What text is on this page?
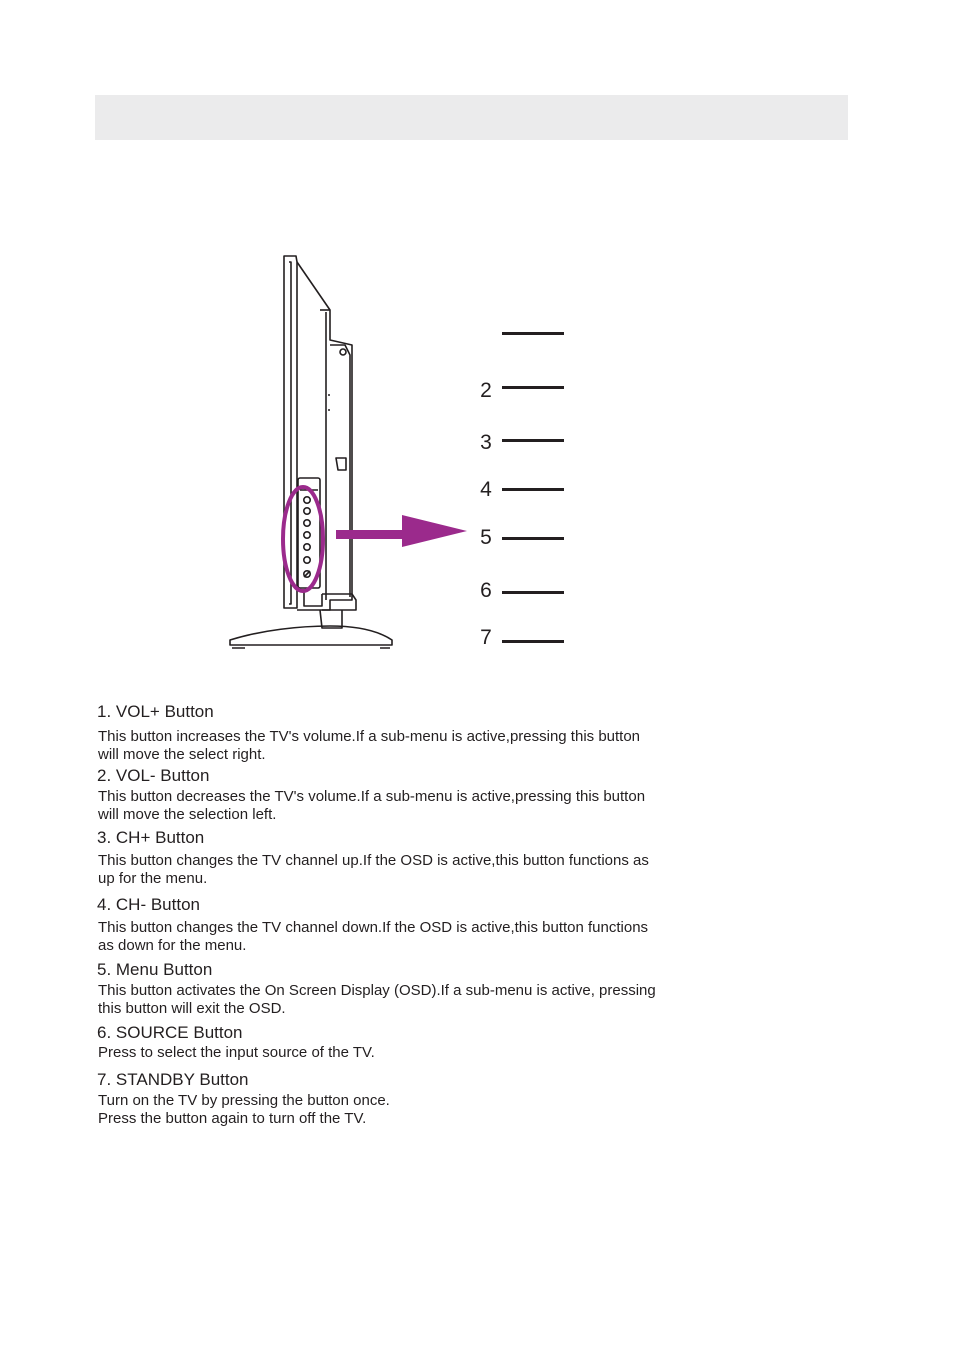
2
3
4
5
6
7
1. VOL+ Button
This button increases the TV's volume.If a sub-menu is active,pressing this button will move the select right.
2. VOL- Button
This button decreases the TV's volume.If a sub-menu is active,pressing this button will move the selection left.
3. CH+ Button
This button changes the TV channel up.If the OSD is active,this button functions as up for the menu.
4. CH- Button
This button changes the TV channel down.If the OSD is active,this button functions as down for the menu.
5. Menu Button
This button activates the On Screen Display (OSD).If a sub-menu is active, pressing this button will exit the OSD.
6. SOURCE Button
Press to select the input source of the TV.
7. STANDBY Button
Turn on the TV by pressing the button once.
Press the button again to turn off the TV.
